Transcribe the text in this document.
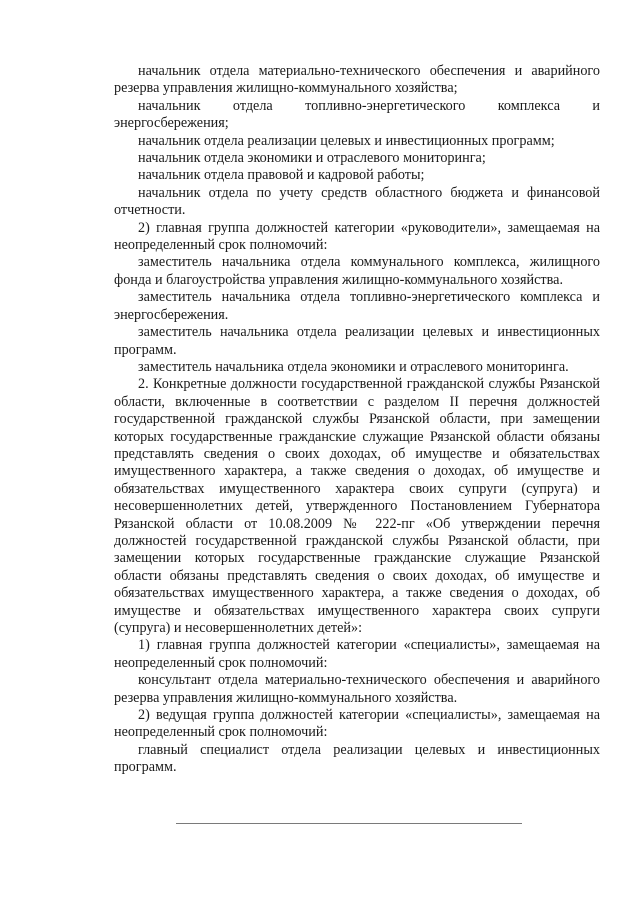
начальник отдела материально-технического обеспечения и аварийного резерва управления жилищно-коммунального хозяйства;

начальник отдела топливно-энергетического комплекса и энергосбережения;

начальник отдела реализации целевых и инвестиционных программ;

начальник отдела экономики и отраслевого мониторинга;

начальник отдела правовой и кадровой работы;

начальник отдела по учету средств областного бюджета и финансовой отчетности.

2) главная группа должностей категории «руководители», замещаемая на неопределенный срок полномочий:

заместитель начальника отдела коммунального комплекса, жилищного фонда и благоустройства управления жилищно-коммунального хозяйства.

заместитель начальника отдела топливно-энергетического комплекса и энергосбережения.

заместитель начальника отдела реализации целевых и инвестиционных программ.

заместитель начальника отдела экономики и отраслевого мониторинга.

2. Конкретные должности государственной гражданской службы Рязанской области, включенные в соответствии с разделом II перечня должностей государственной гражданской службы Рязанской области, при замещении которых государственные гражданские служащие Рязанской области обязаны представлять сведения о своих доходах, об имуществе и обязательствах имущественного характера, а также сведения о доходах, об имуществе и обязательствах имущественного характера своих супруги (супруга) и несовершеннолетних детей, утвержденного Постановлением Губернатора Рязанской области от 10.08.2009 № 222-пг «Об утверждении перечня должностей государственной гражданской службы Рязанской области, при замещении которых государственные гражданские служащие Рязанской области обязаны представлять сведения о своих доходах, об имуществе и обязательствах имущественного характера, а также сведения о доходах, об имуществе и обязательствах имущественного характера своих супруги (супруга) и несовершеннолетних детей»:

1) главная группа должностей категории «специалисты», замещаемая на неопределенный срок полномочий:

консультант отдела материально-технического обеспечения и аварийного резерва управления жилищно-коммунального хозяйства.

2) ведущая группа должностей категории «специалисты», замещаемая на неопределенный срок полномочий:

главный специалист отдела реализации целевых и инвестиционных программ.
